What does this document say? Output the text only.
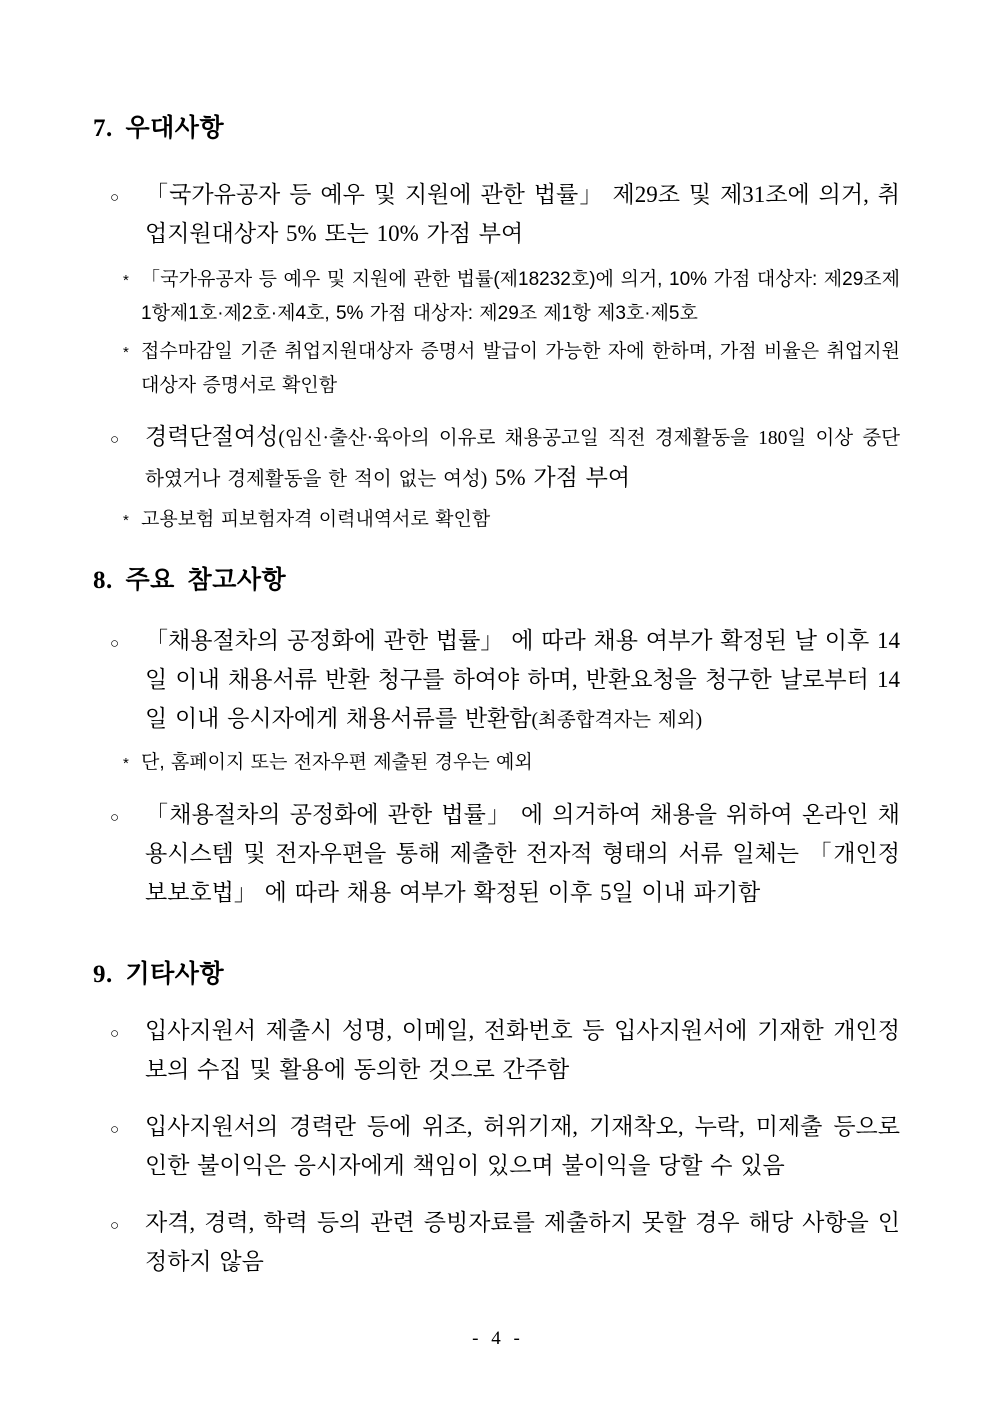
7. 우대사항
○	「국가유공자 등 예우 및 지원에 관한 법률」 제29조 및 제31조에 의거, 취업지원대상자 5% 또는 10% 가점 부여

* 「국가유공자 등 예우 및 지원에 관한 법률(제18232호)에 의거, 10% 가점 대상자: 제29조제1항제1호·제2호·제4호, 5% 가점 대상자: 제29조 제1항 제3호·제5호

* 접수마감일 기준 취업지원대상자 증명서 발급이 가능한 자에 한하며, 가점 비율은 취업지원대상자 증명서로 확인함

○	경력단절여성(임신·출산·육아의 이유로 채용공고일 직전 경제활동을 180일 이상 중단하였거나 경제활동을 한 적이 없는 여성) 5% 가점 부여

* 고용보험 피보험자격 이력내역서로 확인함

8. 주요 참고사항
○	「채용절차의 공정화에 관한 법률」 에 따라 채용 여부가 확정된 날 이후 14일 이내 채용서류 반환 청구를 하여야 하며, 반환요청을 청구한 날로부터 14일 이내 응시자에게 채용서류를 반환함(최종합격자는 제외)

* 단, 홈페이지 또는 전자우편 제출된 경우는 예외

○	「채용절차의 공정화에 관한 법률」 에 의거하여 채용을 위하여 온라인 채용시스템 및 전자우편을 통해 제출한 전자적 형태의 서류 일체는 「개인정보보호법」 에 따라 채용 여부가 확정된 이후 5일 이내 파기함

9. 기타사항
○	입사지원서 제출시 성명, 이메일, 전화번호 등 입사지원서에 기재한 개인정보의 수집 및 활용에 동의한 것으로 간주함

○	입사지원서의 경력란 등에 위조, 허위기재, 기재착오, 누락, 미제출 등으로 인한 불이익은 응시자에게 책임이 있으며 불이익을 당할 수 있음

○	자격, 경력, 학력 등의 관련 증빙자료를 제출하지 못할 경우 해당 사항을 인정하지 않음

- 4 -
